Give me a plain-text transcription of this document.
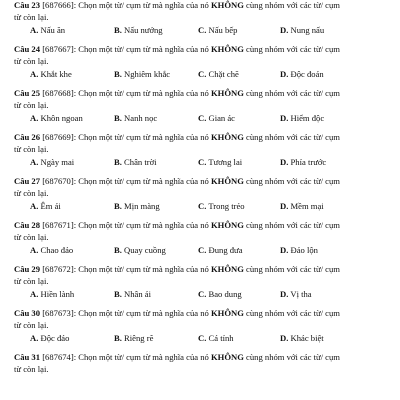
Câu 23 [687666]: Chọn một từ/ cụm từ mà nghĩa của nó KHÔNG cùng nhóm với các từ/ cụm
từ còn lại.
A. Nấu ăn	B. Nấu nướng	C. Nấu bếp	D. Nung nấu
Câu 24 [687667]: Chọn một từ/ cụm từ mà nghĩa của nó KHÔNG cùng nhóm với các từ/ cụm
từ còn lại.
A. Khắt khe	B. Nghiêm khắc	C. Chặt chẽ	D. Độc đoán
Câu 25 [687668]: Chọn một từ/ cụm từ mà nghĩa của nó KHÔNG cùng nhóm với các từ/ cụm
từ còn lại.
A. Khôn ngoan	B. Nanh nọc	C. Gian ác	D. Hiểm độc
Câu 26 [687669]: Chọn một từ/ cụm từ mà nghĩa của nó KHÔNG cùng nhóm với các từ/ cụm
từ còn lại.
A. Ngày mai	B. Chân trời	C. Tương lai	D. Phía trước
Câu 27 [687670]: Chọn một từ/ cụm từ mà nghĩa của nó KHÔNG cùng nhóm với các từ/ cụm
từ còn lại.
A. Êm ái	B. Mịn màng	C. Trong trẻo	D. Mềm mại
Câu 28 [687671]: Chọn một từ/ cụm từ mà nghĩa của nó KHÔNG cùng nhóm với các từ/ cụm
từ còn lại.
A. Chao đảo	B. Quay cuồng	C. Đung đưa	D. Đảo lộn
Câu 29 [687672]: Chọn một từ/ cụm từ mà nghĩa của nó KHÔNG cùng nhóm với các từ/ cụm
từ còn lại.
A. Hiền lành	B. Nhân ái	C. Bao dung	D. Vị tha
Câu 30 [687673]: Chọn một từ/ cụm từ mà nghĩa của nó KHÔNG cùng nhóm với các từ/ cụm
từ còn lại.
A. Độc đáo	B. Riêng rẽ	C. Cá tính	D. Khác biệt
Câu 31 [687674]: Chọn một từ/ cụm từ mà nghĩa của nó KHÔNG cùng nhóm với các từ/ cụm
từ còn lại.
